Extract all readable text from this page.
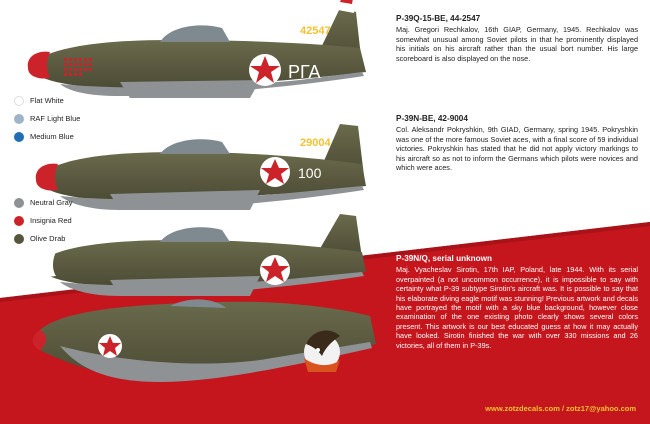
РГА
42547
100
29004
Flat White
RAF Light Blue
Medium Blue
Neutral Gray
Insignia Red
Olive Drab
P-39Q-15-BE, 44-2547
Maj. Gregori Rechkalov, 16th GIAP, Germany, 1945. Rechkalov was somewhat unusual among Soviet pilots in that he prominently displayed his initials on his aircraft rather than the usual bort number. His large scoreboard is also displayed on the nose.
P-39N-BE, 42-9004
Col. Aleksandr Pokryshkin, 9th GIAD, Germany, spring 1945. Pokryshkin was one of the more famous Soviet aces, with a final score of 59 individual victories. Pokryshkin has stated that he did not apply victory markings to his aircraft so as not to inform the Germans which pilots were novices and which were aces.
P-39N/Q, serial unknown
Maj. Vyacheslav Sirotin, 17th IAP, Poland, late 1944. With its serial overpainted (a not uncommon occurrence), it is impossible to say with certainty what P-39 subtype Sirotin's aircraft was. It is possible to say that his elaborate diving eagle motif was stunning! Previous artwork and decals have portrayed the motif with a sky blue background, however close examination of the one existing photo clearly shows several colors present. This artwork is our best educated guess at how it may actually have looked. Sirotin finished the war with over 330 missions and 26 victories, all of them in P-39s.
www.zotzdecals.com / zotz17@yahoo.com
